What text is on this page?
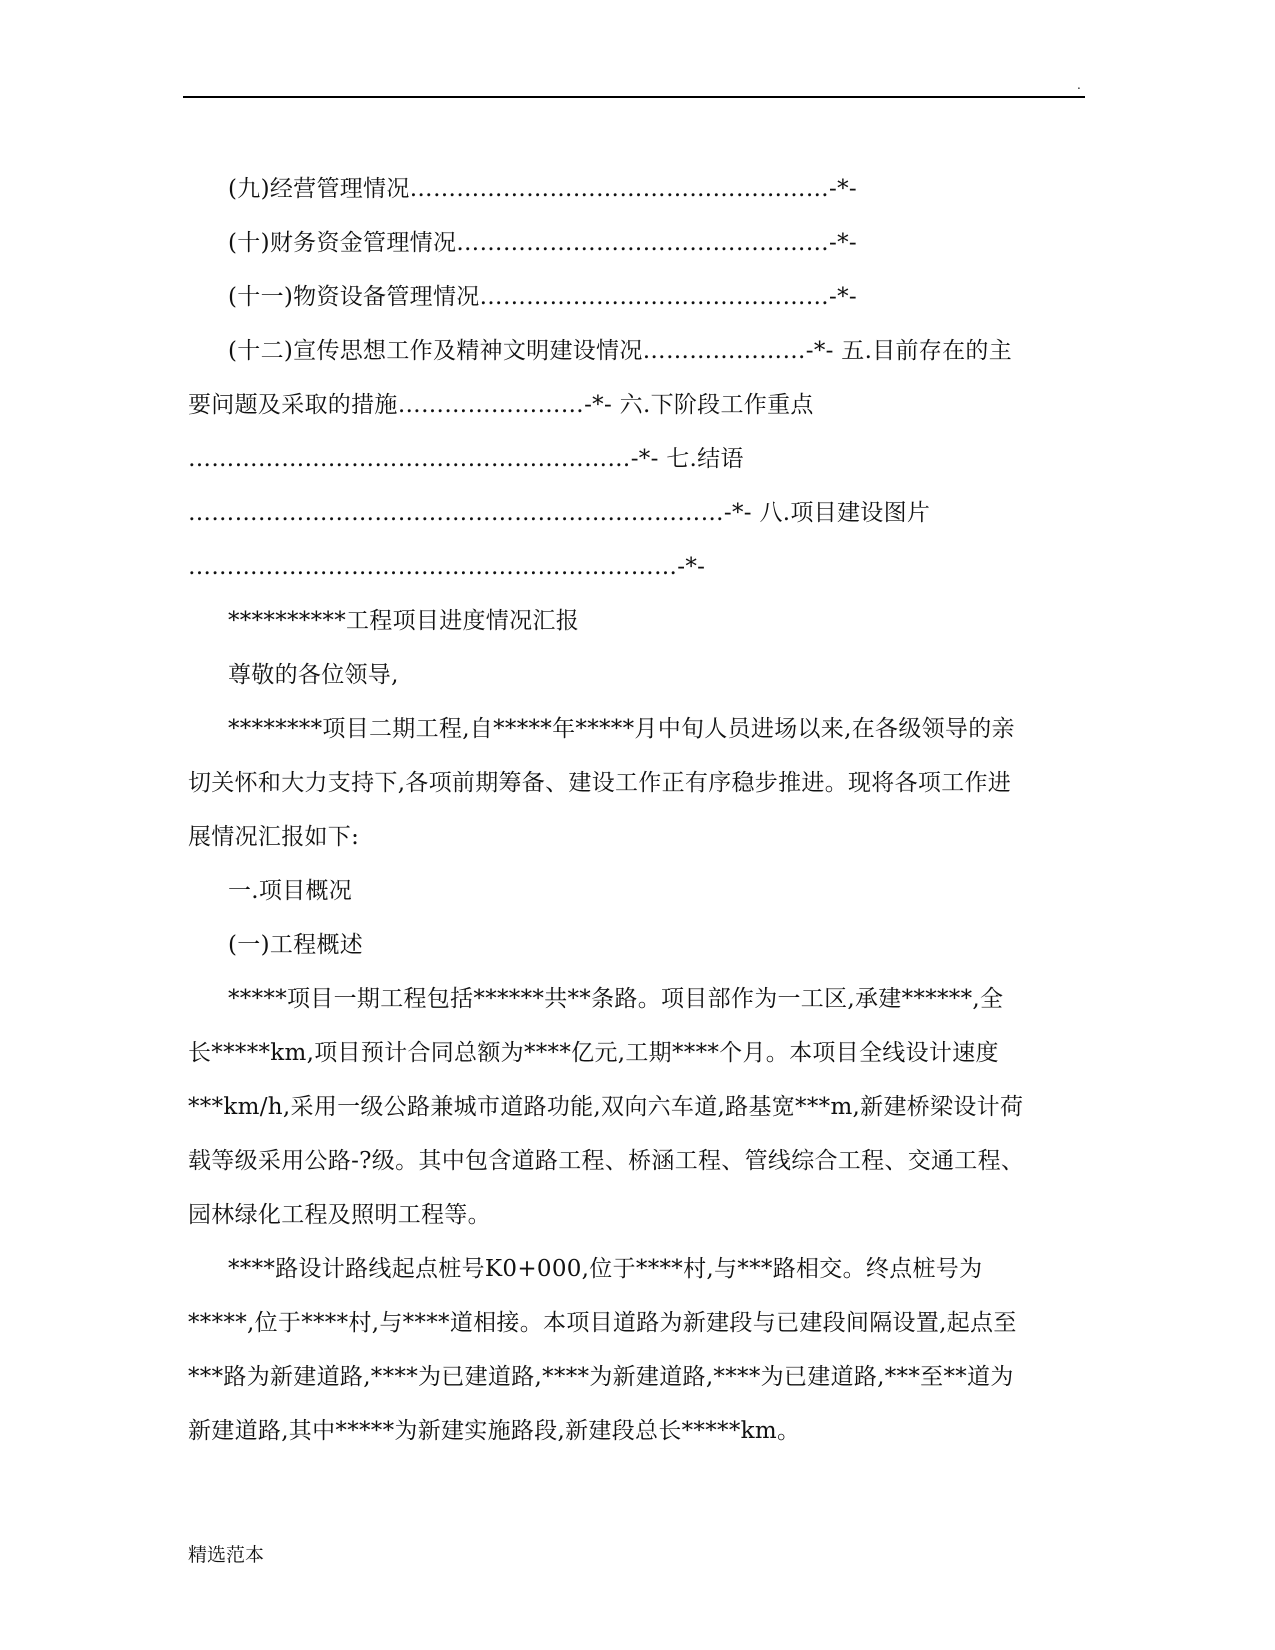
.
(九)经营管理情况………………………………………………-*-
(十)财务资金管理情况…………………………………………-*-
(十一)物资设备管理情况………………………………………-*-
(十二)宣传思想工作及精神文明建设情况…………………-*- 五.目前存在的主
要问题及采取的措施……………………-*- 六.下阶段工作重点
…………………………………………………-*- 七.结语
……………………………………………………………-*- 八.项目建设图片
………………………………………………………-*-
**********工程项目进度情况汇报
尊敬的各位领导,
********项目二期工程,自*****年*****月中旬人员进场以来,在各级领导的亲
切关怀和大力支持下,各项前期筹备、建设工作正有序稳步推进。现将各项工作进
展情况汇报如下:
一.项目概况
(一)工程概述
*****项目一期工程包括******共**条路。项目部作为一工区,承建******,全
长*****km,项目预计合同总额为****亿元,工期****个月。本项目全线设计速度
***km/h,采用一级公路兼城市道路功能,双向六车道,路基宽***m,新建桥梁设计荷
载等级采用公路-?级。其中包含道路工程、桥涵工程、管线综合工程、交通工程、
园林绿化工程及照明工程等。
****路设计路线起点桩号K0+000,位于****村,与***路相交。终点桩号为
*****,位于****村,与****道相接。本项目道路为新建段与已建段间隔设置,起点至
***路为新建道路,****为已建道路,****为新建道路,****为已建道路,***至**道为
新建道路,其中*****为新建实施路段,新建段总长*****km。
精选范本
